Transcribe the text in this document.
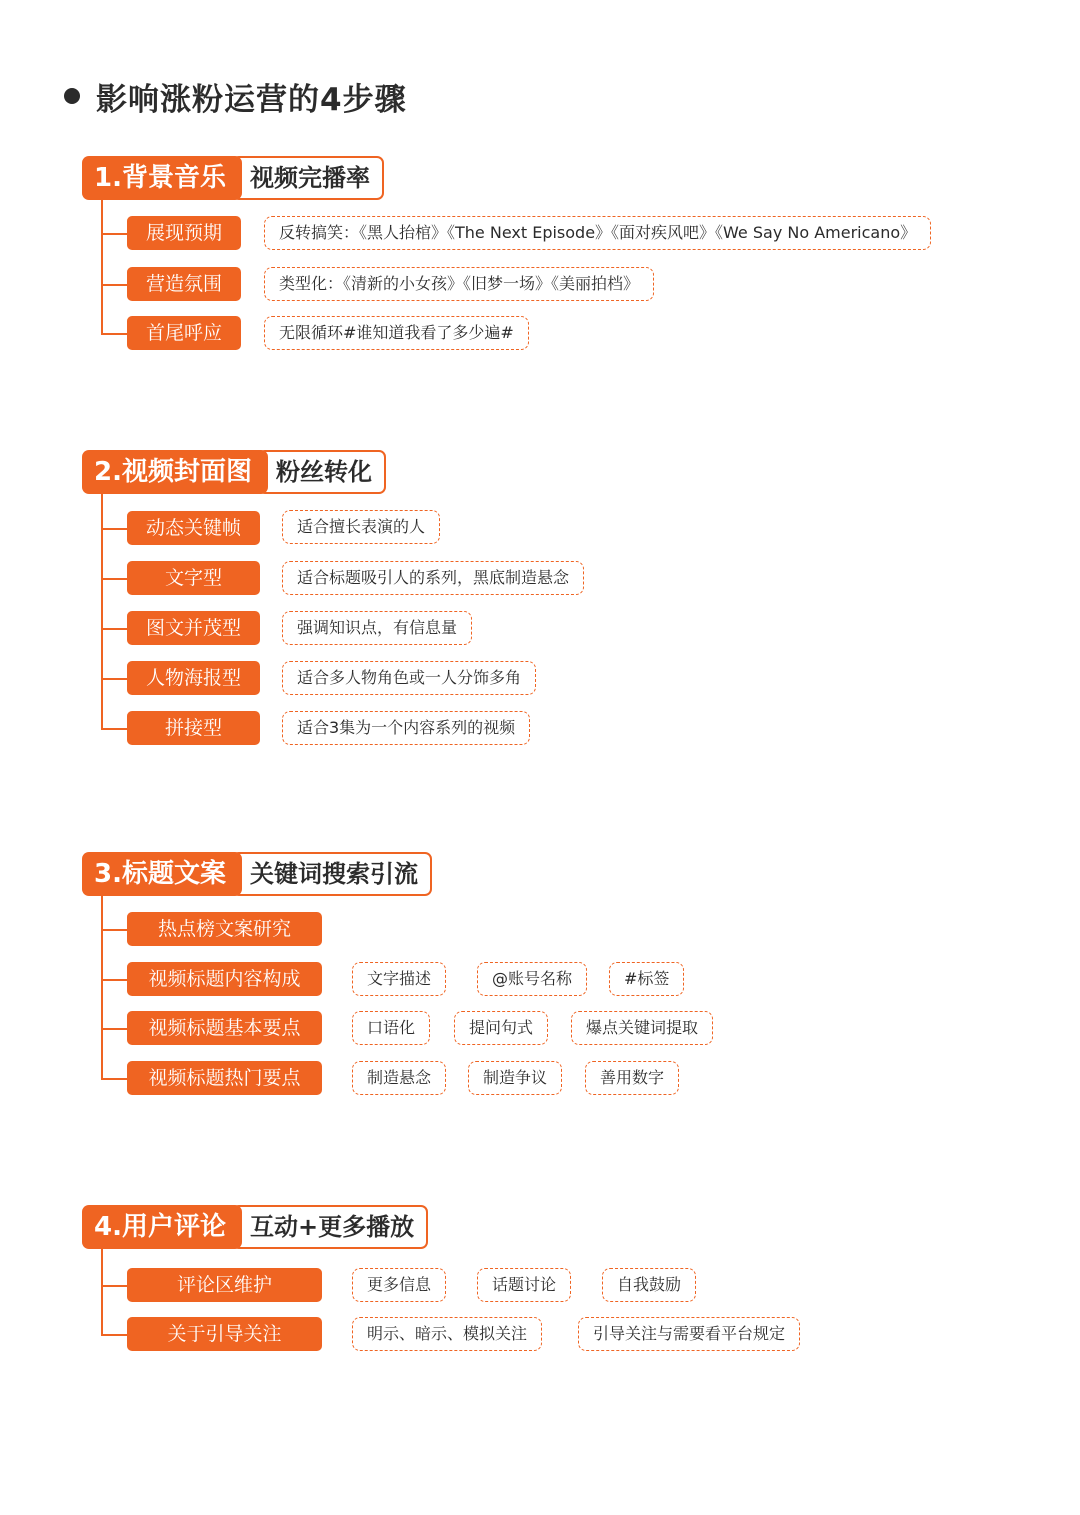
影响涨粉运营的4步骤
1.背景音乐	视频完播率
展现预期	反转搞笑：《黑人抬棺》《The Next Episode》《面对疾风吧》《We Say No Americano》
营造氛围	类型化：《清新的小女孩》《旧梦一场》《美丽拍档》
首尾呼应	无限循环#谁知道我看了多少遍#
2.视频封面图	粉丝转化
动态关键帧	适合擅长表演的人
文字型	适合标题吸引人的系列，黑底制造悬念
图文并茂型	强调知识点，有信息量
人物海报型	适合多人物角色或一人分饰多角
拼接型	适合3集为一个内容系列的视频
3.标题文案	关键词搜索引流
热点榜文案研究
视频标题内容构成	文字描述	@账号名称	#标签
视频标题基本要点	口语化	提问句式	爆点关键词提取
视频标题热门要点	制造悬念	制造争议	善用数字
4.用户评论	互动+更多播放
评论区维护	更多信息	话题讨论	自我鼓励
关于引导关注	明示、暗示、模拟关注	引导关注与需要看平台规定
